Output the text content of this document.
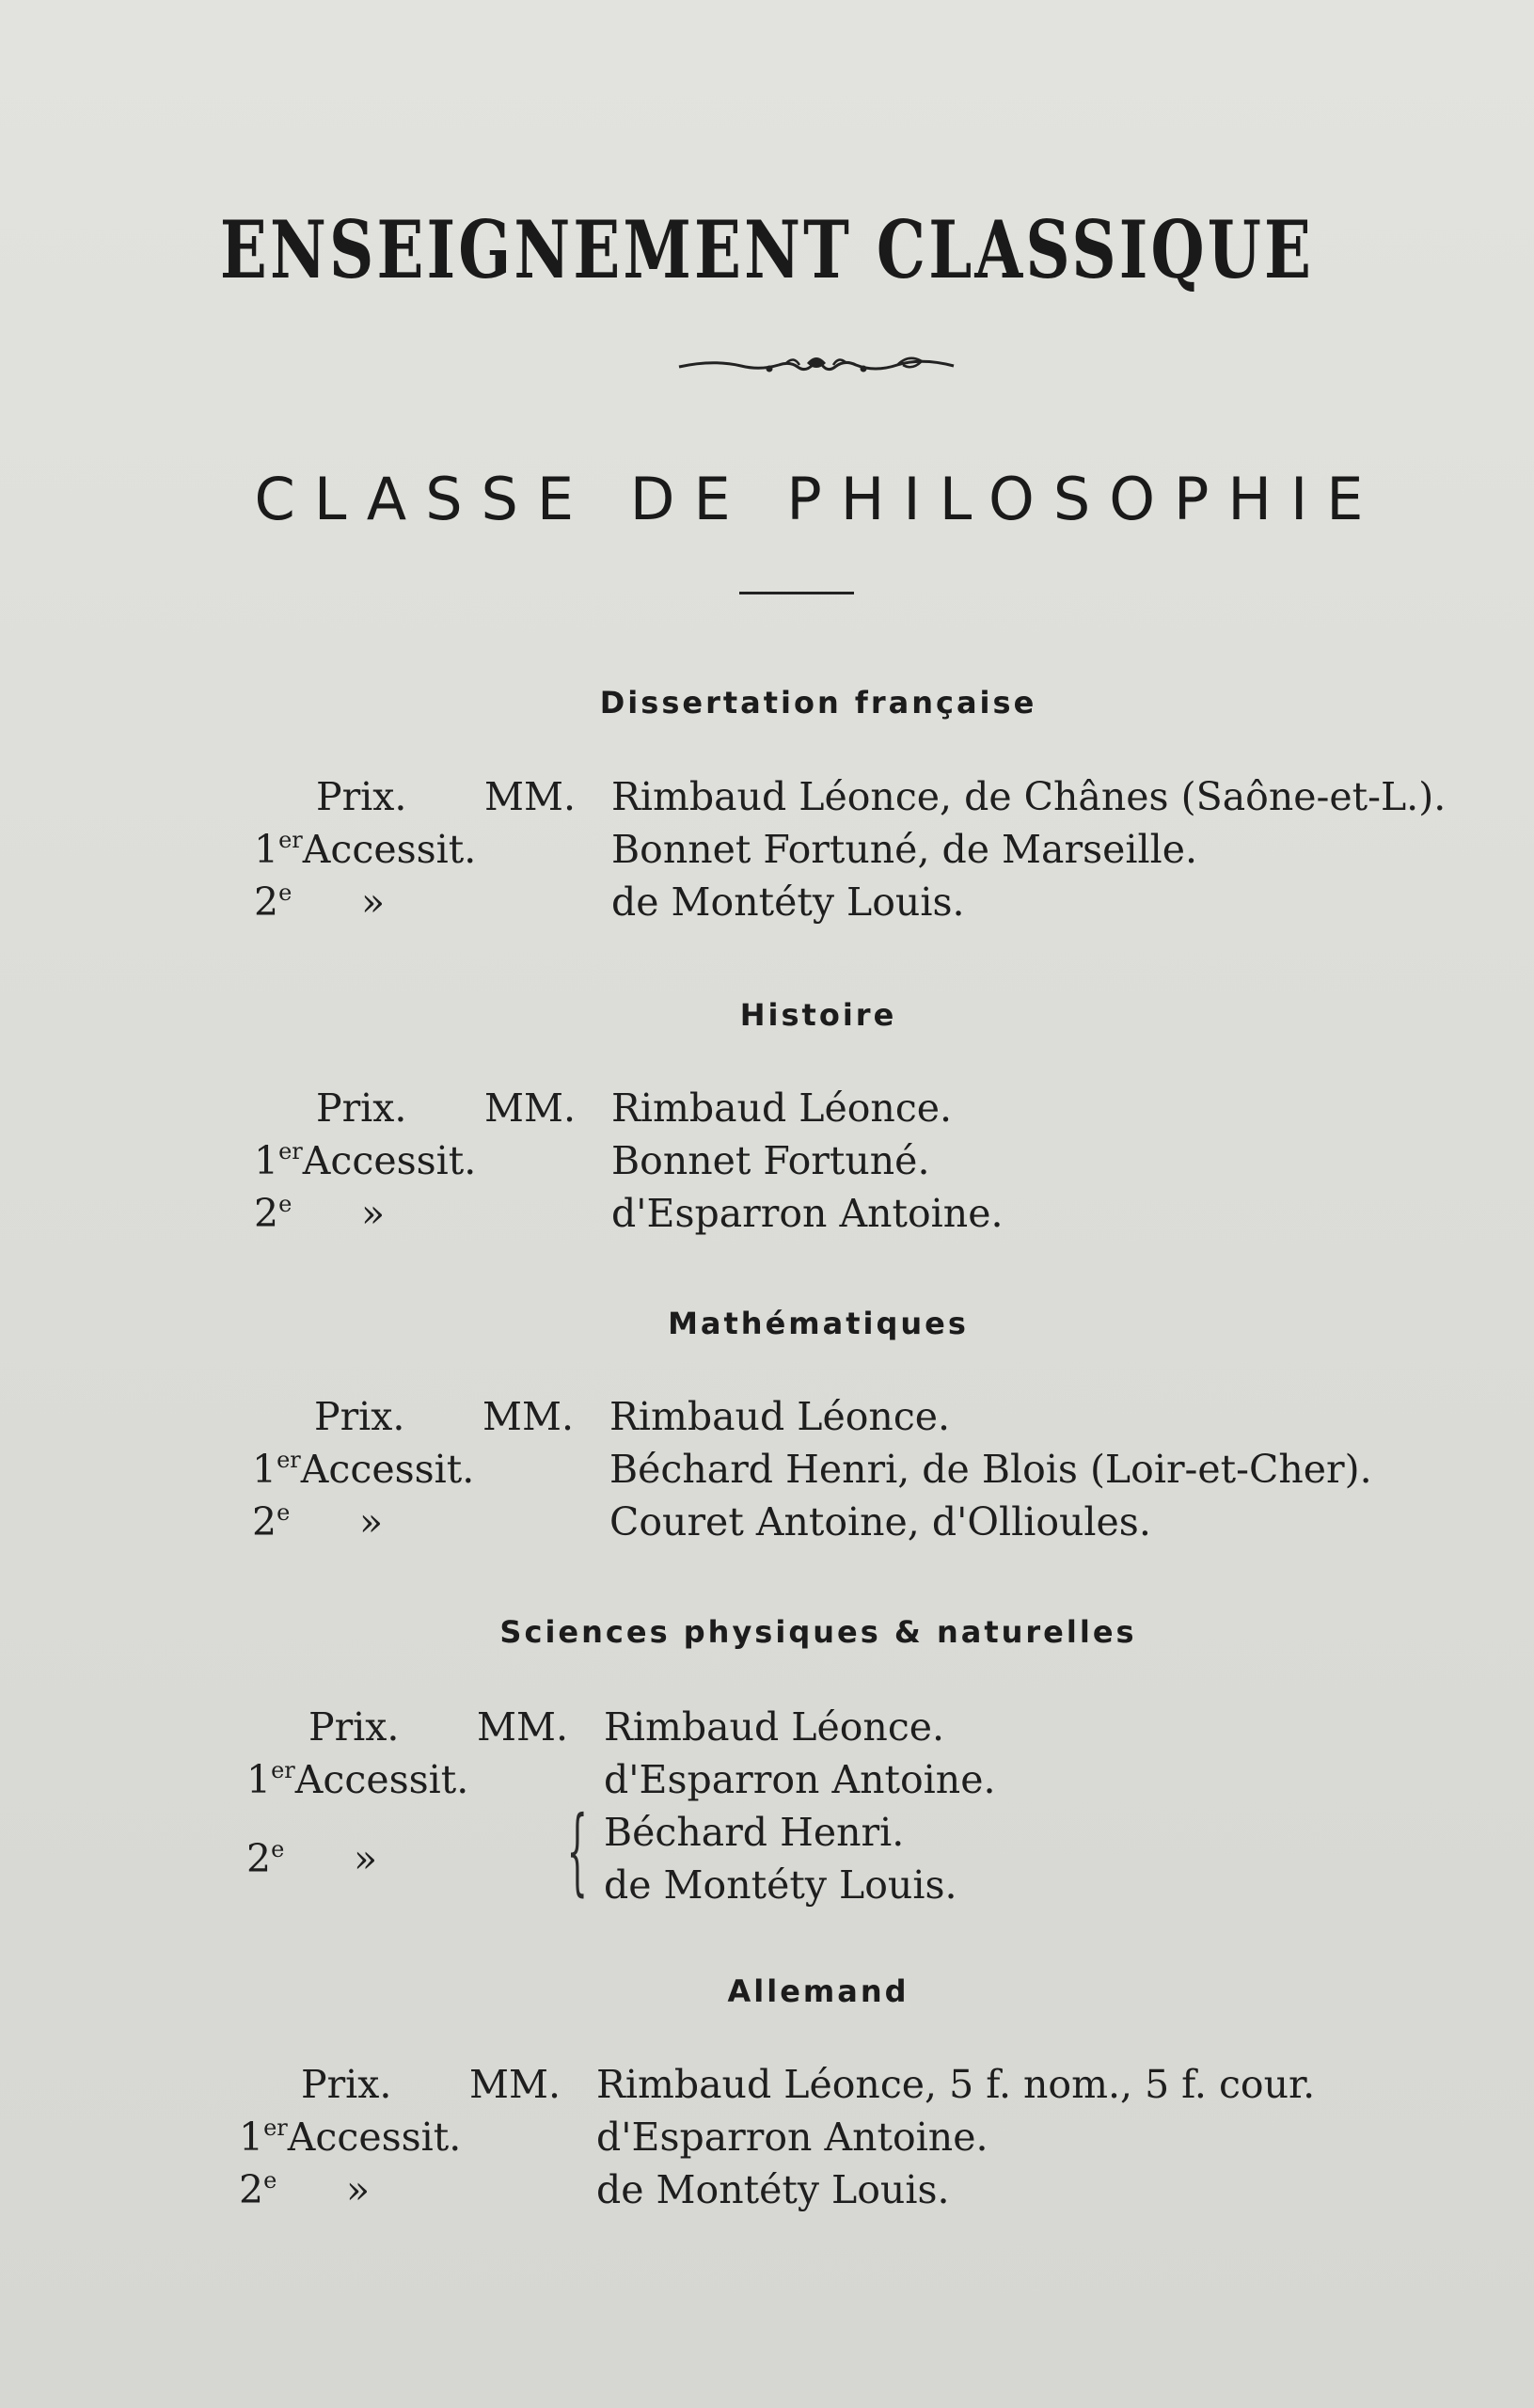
ENSEIGNEMENT CLASSIQUE
CLASSE DE PHILOSOPHIE
Dissertation française
Prix. MM. Rimbaud Léonce, de Chânes (Saône-et-L.).
1erAccessit.	Bonnet Fortuné, de Marseille.
2e »	de Montéty Louis.
Histoire
Prix. MM. Rimbaud Léonce.
1erAccessit.	Bonnet Fortuné.
2e »	d'Esparron Antoine.
Mathématiques
Prix. MM. Rimbaud Léonce.
1erAccessit.	Béchard Henri, de Blois (Loir-et-Cher).
2e »	Couret Antoine, d'Ollioules.
Sciences physiques & naturelles
Prix. MM. Rimbaud Léonce.
1erAccessit.	d'Esparron Antoine.
2e » { Béchard Henri.
de Montéty Louis.
Allemand
Prix. MM. Rimbaud Léonce, 5 f. nom., 5 f. cour.
1erAccessit.	d'Esparron Antoine.
2e »	de Montéty Louis.
